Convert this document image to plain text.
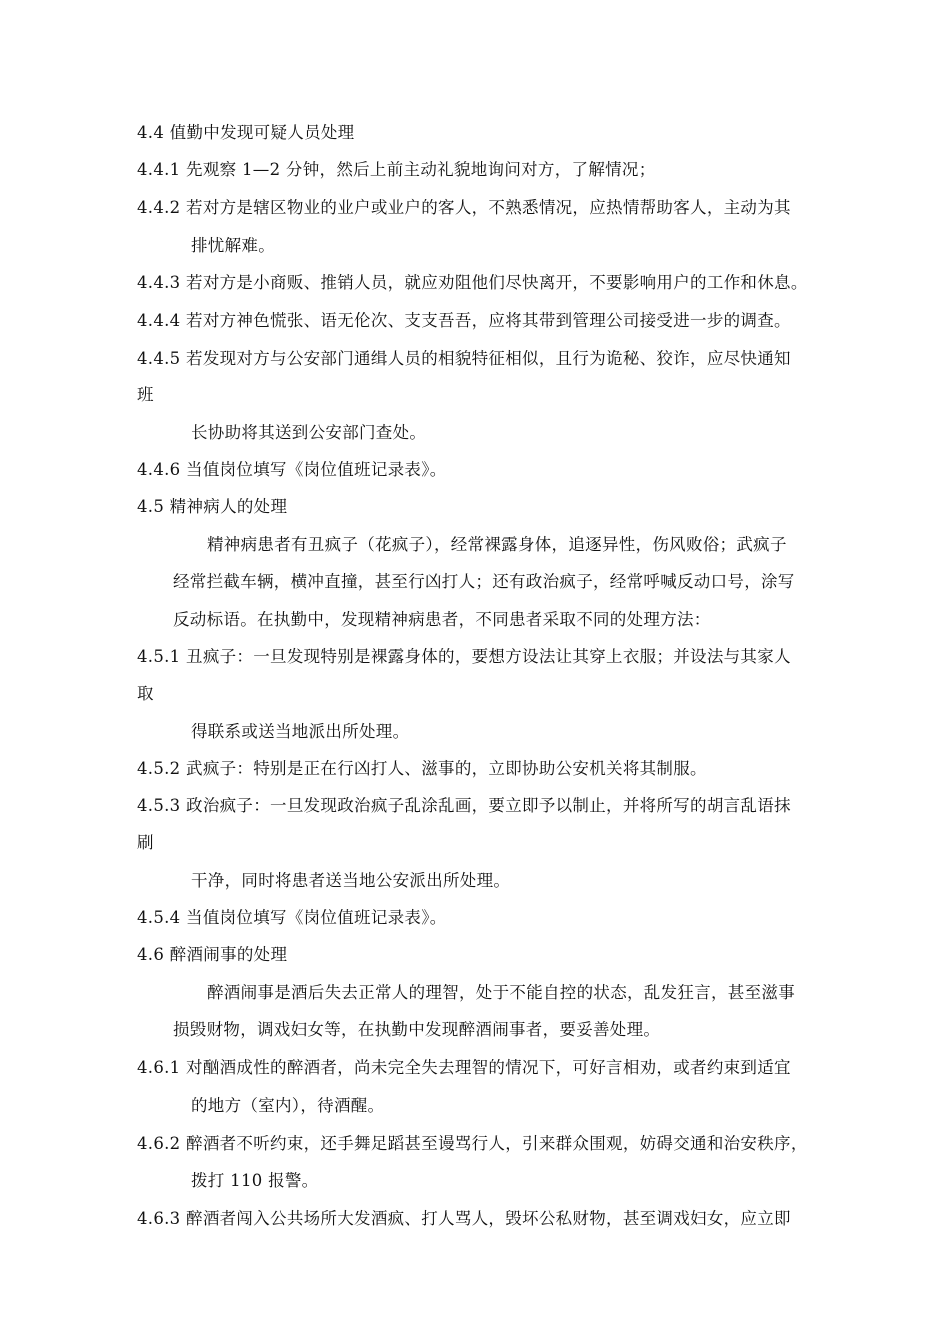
4.4 值勤中发现可疑人员处理
4.4.1 先观察 1—2 分钟，然后上前主动礼貌地询问对方，了解情况；
4.4.2 若对方是辖区物业的业户或业户的客人，不熟悉情况，应热情帮助客人，主动为其
排忧解难。
4.4.3 若对方是小商贩、推销人员，就应劝阻他们尽快离开，不要影响用户的工作和休息。
4.4.4 若对方神色慌张、语无伦次、支支吾吾，应将其带到管理公司接受进一步的调查。
4.4.5 若发现对方与公安部门通缉人员的相貌特征相似，且行为诡秘、狡诈，应尽快通知
班
长协助将其送到公安部门查处。
4.4.6 当值岗位填写《岗位值班记录表》。
4.5 精神病人的处理
精神病患者有丑疯子（花疯子），经常裸露身体，追逐异性，伤风败俗；武疯子
经常拦截车辆，横冲直撞，甚至行凶打人；还有政治疯子，经常呼喊反动口号，涂写
反动标语。在执勤中，发现精神病患者，不同患者采取不同的处理方法：
4.5.1 丑疯子：一旦发现特别是裸露身体的，要想方设法让其穿上衣服；并设法与其家人
取
得联系或送当地派出所处理。
4.5.2 武疯子：特别是正在行凶打人、滋事的，立即协助公安机关将其制服。
4.5.3 政治疯子：一旦发现政治疯子乱涂乱画，要立即予以制止，并将所写的胡言乱语抹
刷
干净，同时将患者送当地公安派出所处理。
4.5.4 当值岗位填写《岗位值班记录表》。
4.6 醉酒闹事的处理
醉酒闹事是酒后失去正常人的理智，处于不能自控的状态，乱发狂言，甚至滋事
损毁财物，调戏妇女等，在执勤中发现醉酒闹事者，要妥善处理。
4.6.1 对酗酒成性的醉酒者，尚未完全失去理智的情况下，可好言相劝，或者约束到适宜
的地方（室内），待酒醒。
4.6.2 醉酒者不听约束，还手舞足蹈甚至谩骂行人，引来群众围观，妨碍交通和治安秩序，
拨打 110 报警。
4.6.3 醉酒者闯入公共场所大发酒疯、打人骂人，毁坏公私财物，甚至调戏妇女，应立即
